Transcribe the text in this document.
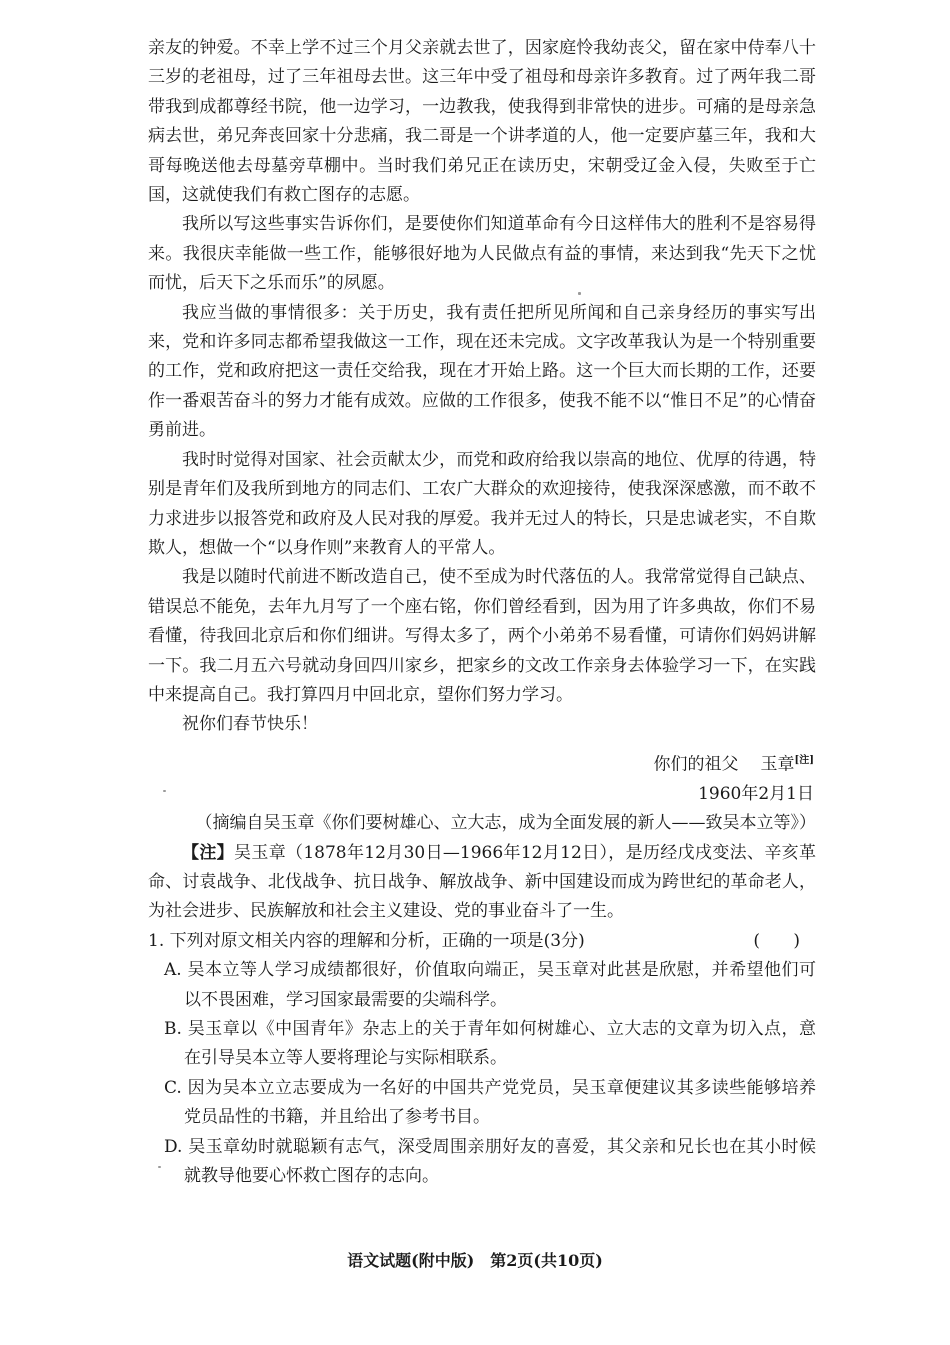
亲友的钟爱。不幸上学不过三个月父亲就去世了，因家庭怜我幼丧父，留在家中侍奉八十三岁的老祖母，过了三年祖母去世。这三年中受了祖母和母亲许多教育。过了两年我二哥带我到成都尊经书院，他一边学习，一边教我，使我得到非常快的进步。可痛的是母亲急病去世，弟兄奔丧回家十分悲痛，我二哥是一个讲孝道的人，他一定要庐墓三年，我和大哥每晚送他去母墓旁草棚中。当时我们弟兄正在读历史，宋朝受辽金入侵，失败至于亡国，这就使我们有救亡图存的志愿。

我所以写这些事实告诉你们，是要使你们知道革命有今日这样伟大的胜利不是容易得来。我很庆幸能做一些工作，能够很好地为人民做点有益的事情，来达到我“先天下之忧而忧，后天下之乐而乐”的夙愿。

我应当做的事情很多：关于历史，我有责任把所见所闻和自己亲身经历的事实写出来，党和许多同志都希望我做这一工作，现在还未完成。文字改革我认为是一个特别重要的工作，党和政府把这一责任交给我，现在才开始上路。这一个巨大而长期的工作，还要作一番艰苦奋斗的努力才能有成效。应做的工作很多，使我不能不以“惟日不足”的心情奋勇前进。

我时时觉得对国家、社会贡献太少，而党和政府给我以崇高的地位、优厚的待遇，特别是青年们及我所到地方的同志们、工农广大群众的欢迎接待，使我深深感激，而不敢不力求进步以报答党和政府及人民对我的厚爱。我并无过人的特长，只是忠诚老实，不自欺欺人，想做一个“以身作则”来教育人的平常人。

我是以随时代前进不断改造自己，使不至成为时代落伍的人。我常常觉得自己缺点、错误总不能免，去年九月写了一个座右铭，你们曾经看到，因为用了许多典故，你们不易看懂，待我回北京后和你们细讲。写得太多了，两个小弟弟不易看懂，可请你们妈妈讲解一下。我二月五六号就动身回四川家乡，把家乡的文改工作亲身去体验学习一下，在实践中来提高自己。我打算四月中回北京，望你们努力学习。

祝你们春节快乐！

你们的祖父 玉章[注]

1960年2月1日

（摘编自吴玉章《你们要树雄心、立大志，成为全面发展的新人——致吴本立等》）

【注】吴玉章（1878年12月30日—1966年12月12日），是历经戊戌变法、辛亥革命、讨袁战争、北伐战争、抗日战争、解放战争、新中国建设而成为跨世纪的革命老人，为社会进步、民族解放和社会主义建设、党的事业奋斗了一生。

1. 下列对原文相关内容的理解和分析，正确的一项是(3分)	( )

A. 吴本立等人学习成绩都很好，价值取向端正，吴玉章对此甚是欣慰，并希望他们可以不畏困难，学习国家最需要的尖端科学。

B. 吴玉章以《中国青年》杂志上的关于青年如何树雄心、立大志的文章为切入点，意在引导吴本立等人要将理论与实际相联系。

C. 因为吴本立立志要成为一名好的中国共产党党员，吴玉章便建议其多读些能够培养党员品性的书籍，并且给出了参考书目。

D. 吴玉章幼时就聪颖有志气，深受周围亲朋好友的喜爱，其父亲和兄长也在其小时候就教导他要心怀救亡图存的志向。

语文试题(附中版)　第2页(共10页)
